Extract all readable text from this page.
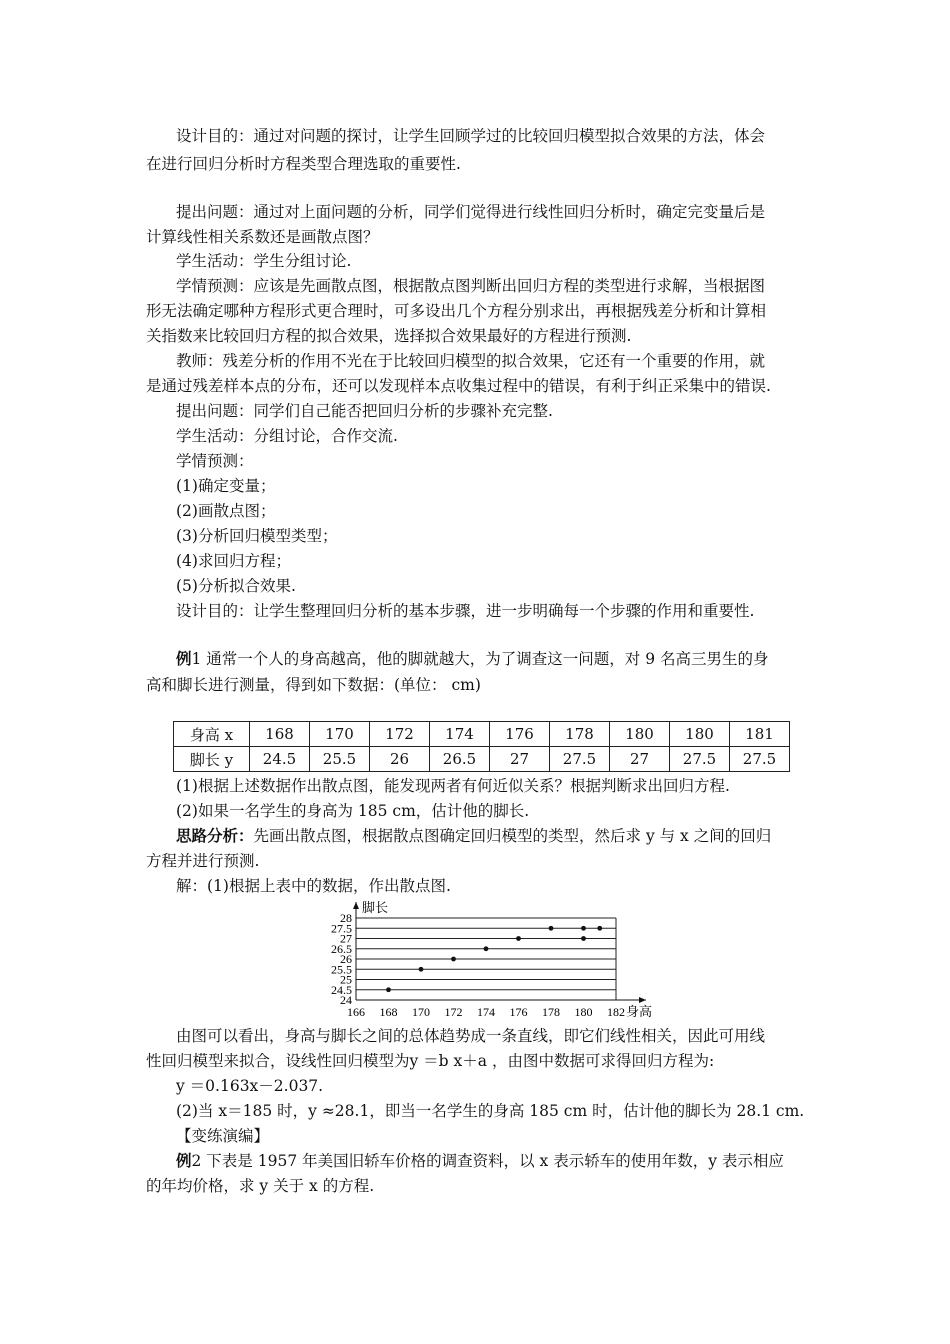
设计目的：通过对问题的探讨，让学生回顾学过的比较回归模型拟合效果的方法，体会
在进行回归分析时方程类型合理选取的重要性.
提出问题：通过对上面问题的分析，同学们觉得进行线性回归分析时，确定完变量后是
计算线性相关系数还是画散点图？
学生活动：学生分组讨论.
学情预测：应该是先画散点图，根据散点图判断出回归方程的类型进行求解，当根据图
形无法确定哪种方程形式更合理时，可多设出几个方程分别求出，再根据残差分析和计算相
关指数来比较回归方程的拟合效果，选择拟合效果最好的方程进行预测.
教师：残差分析的作用不光在于比较回归模型的拟合效果，它还有一个重要的作用，就
是通过残差样本点的分布，还可以发现样本点收集过程中的错误，有利于纠正采集中的错误.
提出问题：同学们自己能否把回归分析的步骤补充完整.
学生活动：分组讨论，合作交流.
学情预测：
(1)确定变量；
(2)画散点图；
(3)分析回归模型类型；
(4)求回归方程；
(5)分析拟合效果.
设计目的：让学生整理回归分析的基本步骤，进一步明确每一个步骤的作用和重要性.
例1 通常一个人的身高越高，他的脚就越大，为了调查这一问题，对 9 名高三男生的身
高和脚长进行测量，得到如下数据：(单位： cm)
身高 x	168	170	172	174	176	178	180	180	181
脚长 y	24.5	25.5	26	26.5	27	27.5	27	27.5	27.5
(1)根据上述数据作出散点图，能发现两者有何近似关系？根据判断求出回归方程.
(2)如果一名学生的身高为 185 cm，估计他的脚长.
思路分析：先画出散点图，根据散点图确定回归模型的类型，然后求 y 与 x 之间的回归
方程并进行预测.
解：(1)根据上表中的数据，作出散点图.
24
24.5
25
25.5
26
26.5
27
27.5
28
166 168 170 172 174 176 178 180 182
脚长
身高
由图可以看出，身高与脚长之间的总体趋势成一条直线，即它们线性相关，因此可用线
性回归模型来拟合，设线性回归模型为y ＝b x＋a ，由图中数据可求得回归方程为:
y ＝0.163x－2.037.
(2)当 x＝185 时，y ≈28.1，即当一名学生的身高 185 cm 时，估计他的脚长为 28.1 cm.
【变练演编】
例2 下表是 1957 年美国旧轿车价格的调查资料，以 x 表示轿车的使用年数，y 表示相应
的年均价格，求 y 关于 x 的方程.
